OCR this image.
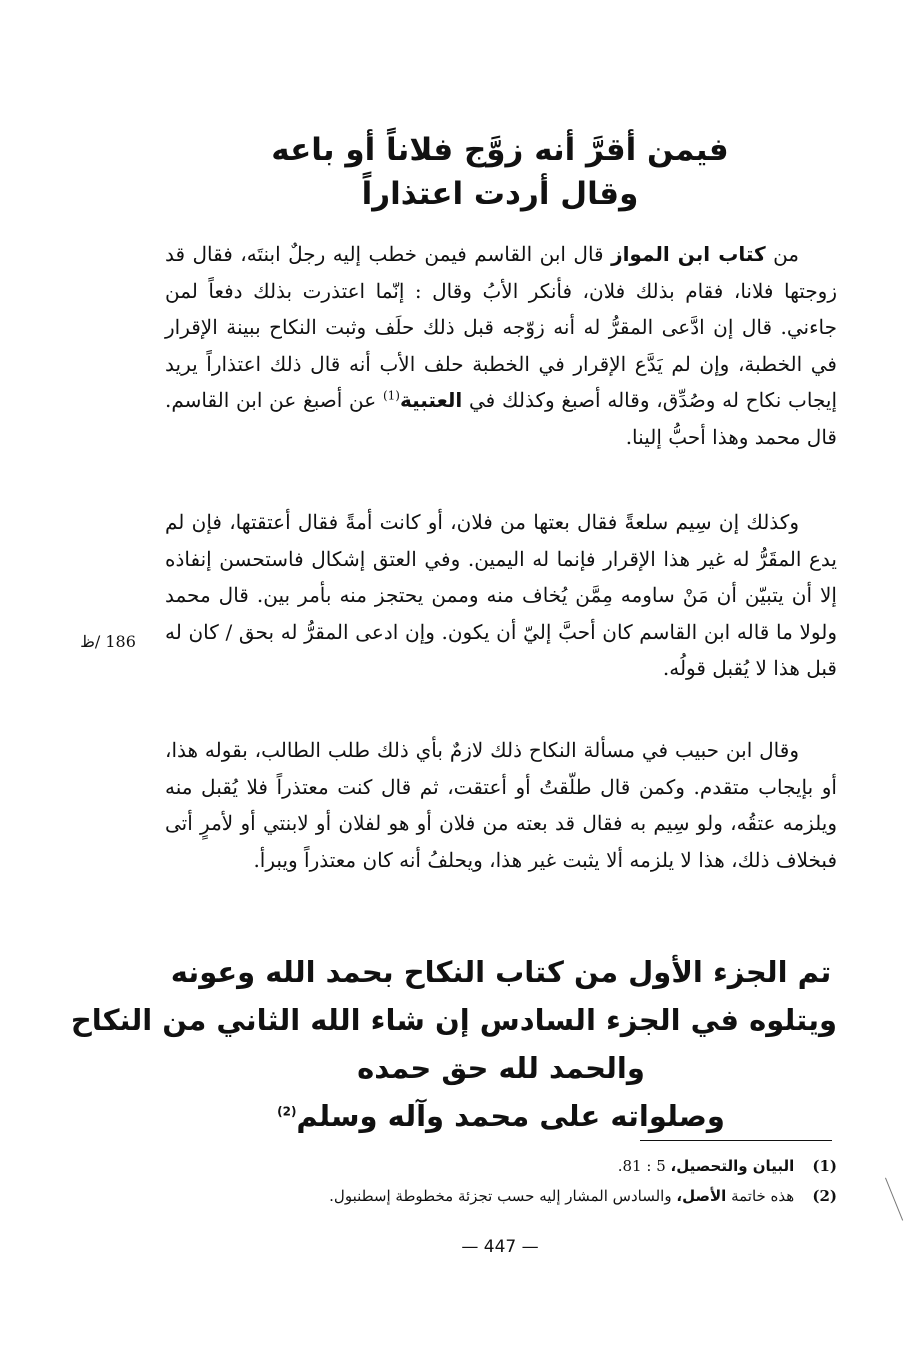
فيمن أقرَّ أنه زوَّج فلاناً أو باعه
وقال أردت اعتذاراً

من كتاب ابن المواز قال ابن القاسم فيمن خطب إليه رجلٌ ابنتَه، فقال قد زوجتها فلانا، فقام بذلك فلان، فأنكر الأبُ وقال : إنّما اعتذرت بذلك دفعاً لمن جاءني. قال إن ادَّعى المقرُّ له أنه زوّجه قبل ذلك حلَف وثبت النكاح ببينة الإقرار في الخطبة، وإن لم يَدَّع الإقرار في الخطبة حلف الأب أنه قال ذلك اعتذاراً يريد إيجاب نكاح له وصُدِّق، وقاله أصبغ وكذلك في العتبية$^{(1)}$ عن أصبغ عن ابن القاسم. قال محمد وهذا أحبُّ إلينا.

وكذلك إن سِيم سلعةً فقال بعتها من فلان، أو كانت أمةً فقال أعتقتها، فإن لم يدع المقَرُّ له غير هذا الإقرار فإنما له اليمين. وفي العتق إشكال فاستحسن إنفاذه إلا أن يتبيّن أن مَنْ ساومه مِمَّن يُخاف منه وممن يحتجز منه بأمر بين. قال محمد ولولا ما قاله ابن القاسم كان أحبَّ إليّ أن يكون. وإن ادعى المقرُّ له بحق / كان له قبل هذا لا يُقبل قولُه.

186 /ظ

وقال ابن حبيب في مسألة النكاح ذلك لازمٌ بأي ذلك طلب الطالب، بقوله هذا، أو بإيجاب متقدم. وكمن قال طلّقتُ أو أعتقت، ثم قال كنت معتذراً فلا يُقبل منه ويلزمه عتقُه، ولو سِيم به فقال قد بعته من فلان أو هو لفلان أو لابنتي أو لأمرٍ أتى فبخلاف ذلك، هذا لا يلزمه ألا يثبت غير هذا، ويحلفُ أنه كان معتذراً ويبرأ.

تم الجزء الأول من كتاب النكاح بحمد الله وعونه
ويتلوه في الجزء السادس إن شاء الله الثاني من النكاح
والحمد لله حق حمده
وصلواته على محمد وآله وسلم$^{(2)}$
(1) البيان والتحصيل، 5 : 81.
(2) هذه خاتمة الأصل، والسادس المشار إليه حسب تجزئة مخطوطة إسطنبول.
— 447 —
